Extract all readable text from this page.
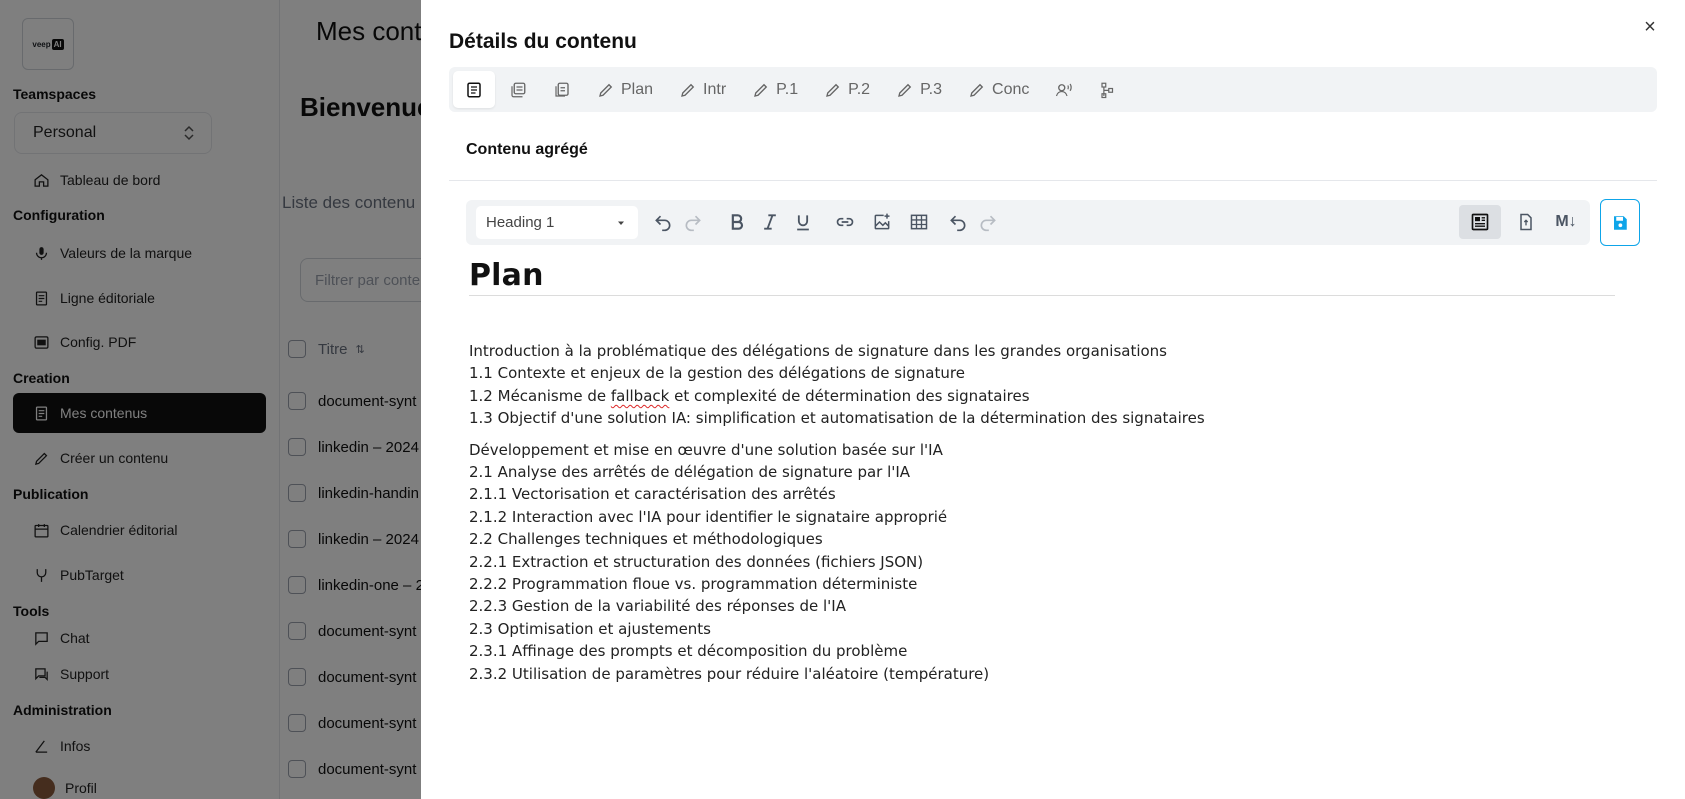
×
Détails du contenu
Plan	Intr	P.1	P.2	P.3	Conc
Contenu agrégé
Heading 1	M↓
Plan

Introduction à la problématique des délégations de signature dans les grandes organisations

1.1 Contexte et enjeux de la gestion des délégations de signature

1.2 Mécanisme de fallback et complexité de détermination des signataires

1.3 Objectif d'une solution IA: simplification et automatisation de la détermination des signataires

Développement et mise en œuvre d'une solution basée sur l'IA

2.1 Analyse des arrêtés de délégation de signature par l'IA

2.1.1 Vectorisation et caractérisation des arrêtés

2.1.2 Interaction avec l'IA pour identifier le signataire approprié

2.2 Challenges techniques et méthodologiques

2.2.1 Extraction et structuration des données (fichiers JSON)

2.2.2 Programmation floue vs. programmation déterministe

2.2.3 Gestion de la variabilité des réponses de l'IA

2.3 Optimisation et ajustements

2.3.1 Affinage des prompts et décomposition du problème

2.3.2 Utilisation de paramètres pour réduire l'aléatoire (température)
